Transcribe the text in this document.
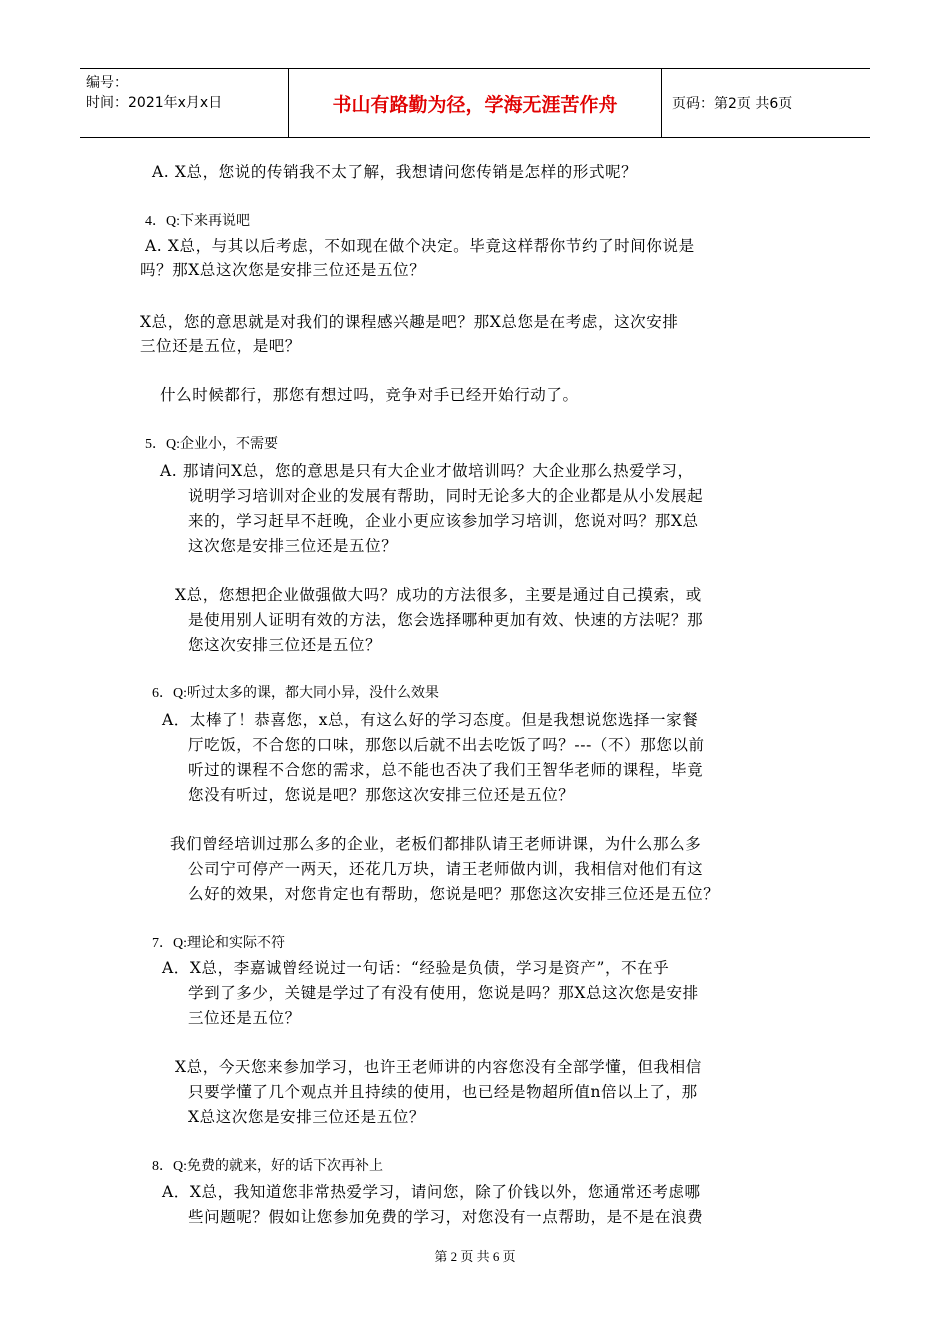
编号：
时间：2021年x月x日	书山有路勤为径，学海无涯苦作舟	页码：第2页 共6页
A. X总，您说的传销我不太了解，我想请问您传销是怎样的形式呢？
4．Q:下来再说吧
A. X总，与其以后考虑，不如现在做个决定。毕竟这样帮你节约了时间你说是
吗？那X总这次您是安排三位还是五位？
X总，您的意思就是对我们的课程感兴趣是吧？那X总您是在考虑，这次安排
三位还是五位，是吧？
什么时候都行，那您有想过吗，竞争对手已经开始行动了。
5．Q:企业小，不需要
A. 那请问X总，您的意思是只有大企业才做培训吗？大企业那么热爱学习，
说明学习培训对企业的发展有帮助，同时无论多大的企业都是从小发展起
来的，学习赶早不赶晚，企业小更应该参加学习培训，您说对吗？那X总
这次您是安排三位还是五位？
X总，您想把企业做强做大吗？成功的方法很多，主要是通过自己摸索，或
是使用别人证明有效的方法，您会选择哪种更加有效、快速的方法呢？那
您这次安排三位还是五位？
6．Q:听过太多的课，都大同小异，没什么效果
A．太棒了！恭喜您，x总，有这么好的学习态度。但是我想说您选择一家餐
厅吃饭，不合您的口味，那您以后就不出去吃饭了吗？---（不）那您以前
听过的课程不合您的需求，总不能也否决了我们王智华老师的课程，毕竟
您没有听过，您说是吧？那您这次安排三位还是五位？
我们曾经培训过那么多的企业，老板们都排队请王老师讲课，为什么那么多
公司宁可停产一两天，还花几万块，请王老师做内训，我相信对他们有这
么好的效果，对您肯定也有帮助，您说是吧？那您这次安排三位还是五位？
7．Q:理论和实际不符
A．X总，李嘉诚曾经说过一句话：“经验是负债，学习是资产”，不在乎
学到了多少，关键是学过了有没有使用，您说是吗？那X总这次您是安排
三位还是五位？
X总，今天您来参加学习，也许王老师讲的内容您没有全部学懂，但我相信
只要学懂了几个观点并且持续的使用，也已经是物超所值n倍以上了，那
X总这次您是安排三位还是五位？
8．Q:免费的就来，好的话下次再补上
A．X总，我知道您非常热爱学习，请问您，除了价钱以外，您通常还考虑哪
些问题呢？假如让您参加免费的学习，对您没有一点帮助，是不是在浪费
第 2 页 共 6 页
